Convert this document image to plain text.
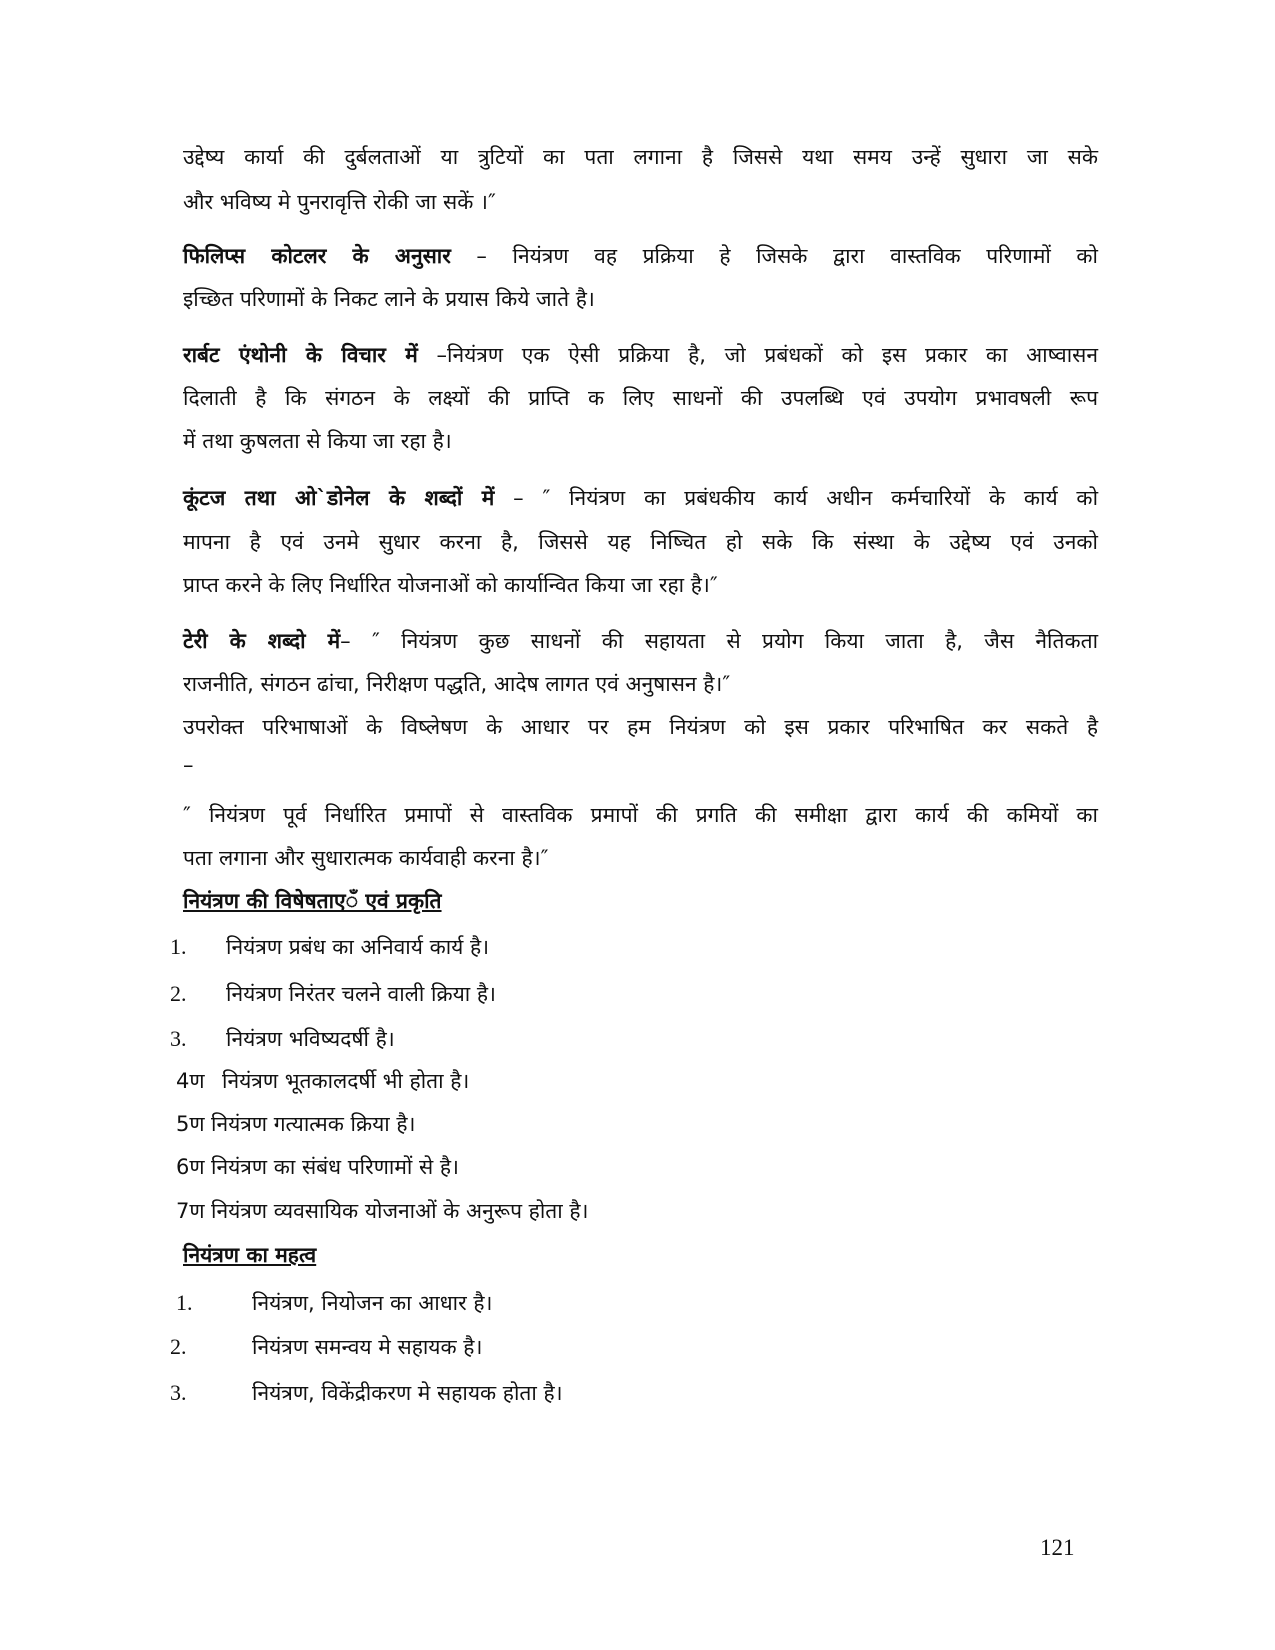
उद्देष्य कार्या की दुर्बलताओं या त्रुटियों का पता लगाना है जिससे यथा समय उन्हें सुधारा जा सके
और भविष्य मे पुनरावृत्ति रोकी जा सकें ।″
फिलिप्स कोटलर के अनुसार – नियंत्रण वह प्रक्रिया हे जिसके द्वारा वास्तविक परिणामों को
इच्छित परिणामों के निकट लाने के प्रयास किये जाते है।
रार्बट एंथोनी के विचार में –नियंत्रण एक ऐसी प्रक्रिया है, जो प्रबंधकों को इस प्रकार का आष्वासन
दिलाती है कि संगठन के लक्ष्यों की प्राप्ति क लिए साधनों की उपलब्धि एवं उपयोग प्रभावषली रूप
में तथा कुषलता से किया जा रहा है।
कूंटज तथा ओ`डोनेल के शब्दों में – ″ नियंत्रण का प्रबंधकीय कार्य अधीन कर्मचारियों के कार्य को
मापना है एवं उनमे सुधार करना है, जिससे यह निष्चित हो सके कि संस्था के उद्देष्य एवं उनको
प्राप्त करने के लिए निर्धारित योजनाओं को कार्यान्वित किया जा रहा है।″
टेरी के शब्दो में– ″ नियंत्रण कुछ साधनों की सहायता से प्रयोग किया जाता है, जैस नैतिकता
राजनीति, संगठन ढांचा, निरीक्षण पद्धति, आदेष लागत एवं अनुषासन है।″
उपरोक्त परिभाषाओं के विष्लेषण के आधार पर हम नियंत्रण को इस प्रकार परिभाषित कर सकते है
–
″ नियंत्रण पूर्व निर्धारित प्रमापों से वास्तविक प्रमापों की प्रगति की समीक्षा द्वारा कार्य की कमियों का
पता लगाना और सुधारात्मक कार्यवाही करना है।″
नियंत्रण की विषेषताएॅं एवं प्रकृति
1. नियंत्रण प्रबंध का अनिवार्य कार्य है।
2. नियंत्रण निरंतर चलने वाली क्रिया है।
3. नियंत्रण भविष्यदर्षी है।
4ण नियंत्रण भूतकालदर्षी भी होता है।
5ण नियंत्रण गत्यात्मक क्रिया है।
6ण नियंत्रण का संबंध परिणामों से है।
7ण नियंत्रण व्यवसायिक योजनाओं के अनुरूप होता है।
नियंत्रण का महत्व
1.	नियंत्रण, नियोजन का आधार है।
2.	नियंत्रण समन्वय मे सहायक है।
3.	नियंत्रण, विकेंद्रीकरण मे सहायक होता है।
121
